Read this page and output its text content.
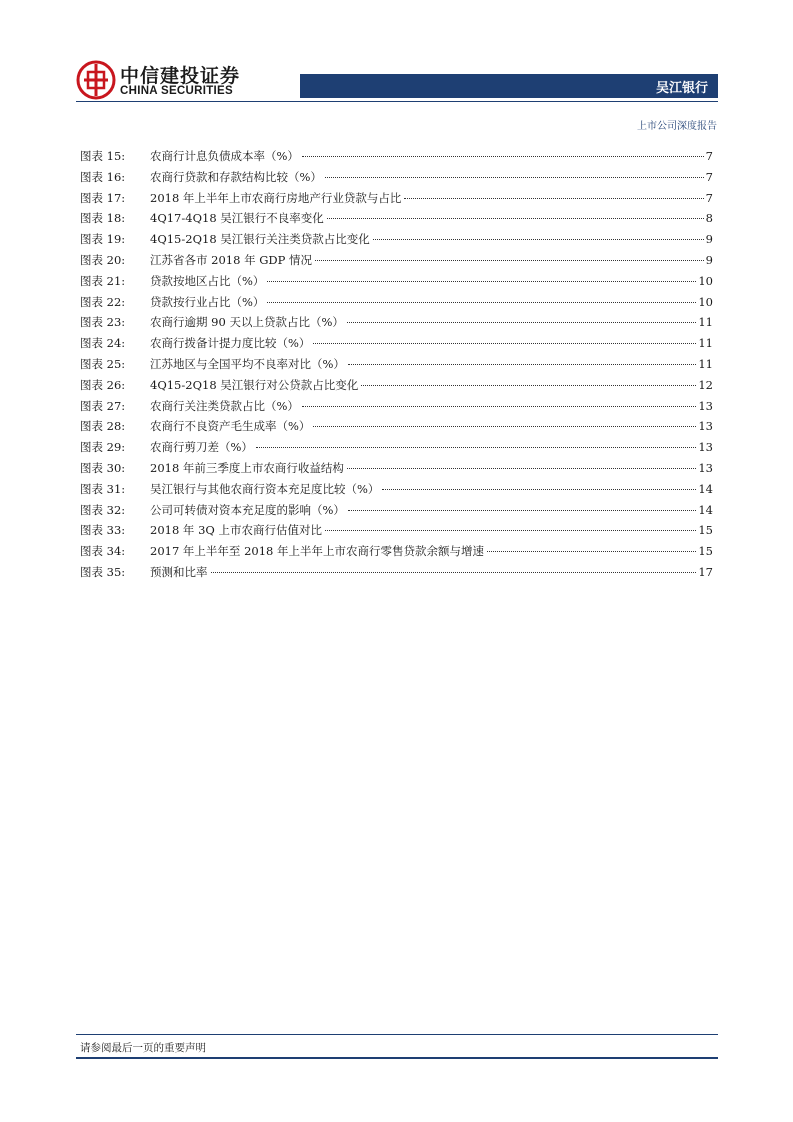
中信建投证券
CHINA SECURITIES	吴江银行
上市公司深度报告
图表 15:	农商行计息负债成本率（%）	7
图表 16:	农商行贷款和存款结构比较（%）	7
图表 17:	2018 年上半年上市农商行房地产行业贷款与占比	7
图表 18:	4Q17-4Q18 吴江银行不良率变化	8
图表 19:	4Q15-2Q18 吴江银行关注类贷款占比变化	9
图表 20:	江苏省各市 2018 年 GDP 情况	9
图表 21:	贷款按地区占比（%）	10
图表 22:	贷款按行业占比（%）	10
图表 23:	农商行逾期 90 天以上贷款占比（%）	11
图表 24:	农商行拨备计提力度比较（%）	11
图表 25:	江苏地区与全国平均不良率对比（%）	11
图表 26:	4Q15-2Q18 吴江银行对公贷款占比变化	12
图表 27:	农商行关注类贷款占比（%）	13
图表 28:	农商行不良资产毛生成率（%）	13
图表 29:	农商行剪刀差（%）	13
图表 30:	2018 年前三季度上市农商行收益结构	13
图表 31:	吴江银行与其他农商行资本充足度比较（%）	14
图表 32:	公司可转债对资本充足度的影响（%）	14
图表 33:	2018 年 3Q 上市农商行估值对比	15
图表 34:	2017 年上半年至 2018 年上半年上市农商行零售贷款余额与增速	15
图表 35:	预测和比率	17
请参阅最后一页的重要声明
